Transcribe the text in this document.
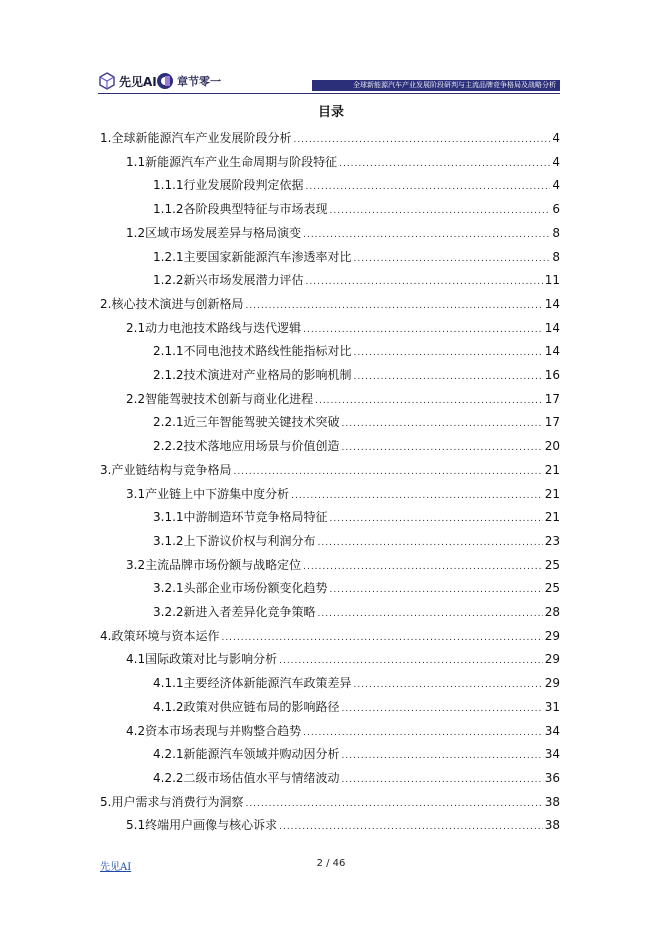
先见AI 章节零一	全球新能源汽车产业发展阶段研判与主流品牌竞争格局及战略分析
目录
1.全球新能源汽车产业发展阶段分析 .....	4
1.1新能源汽车产业生命周期与阶段特征 .....	4
1.1.1行业发展阶段判定依据 .....	4
1.1.2各阶段典型特征与市场表现 .....	6
1.2区域市场发展差异与格局演变 .....	8
1.2.1主要国家新能源汽车渗透率对比 .....	8
1.2.2新兴市场发展潜力评估 .....	11
2.核心技术演进与创新格局 .....	14
2.1动力电池技术路线与迭代逻辑 .....	14
2.1.1不同电池技术路线性能指标对比 .....	14
2.1.2技术演进对产业格局的影响机制 .....	16
2.2智能驾驶技术创新与商业化进程 .....	17
2.2.1近三年智能驾驶关键技术突破 .....	17
2.2.2技术落地应用场景与价值创造 .....	20
3.产业链结构与竞争格局 .....	21
3.1产业链上中下游集中度分析 .....	21
3.1.1中游制造环节竞争格局特征 .....	21
3.1.2上下游议价权与利润分布 .....	23
3.2主流品牌市场份额与战略定位 .....	25
3.2.1头部企业市场份额变化趋势 .....	25
3.2.2新进入者差异化竞争策略 .....	28
4.政策环境与资本运作 .....	29
4.1国际政策对比与影响分析 .....	29
4.1.1主要经济体新能源汽车政策差异 .....	29
4.1.2政策对供应链布局的影响路径 .....	31
4.2资本市场表现与并购整合趋势 .....	34
4.2.1新能源汽车领域并购动因分析 .....	34
4.2.2二级市场估值水平与情绪波动 .....	36
5.用户需求与消费行为洞察 .....	38
5.1终端用户画像与核心诉求 .....	38
先见AI	2 / 46
